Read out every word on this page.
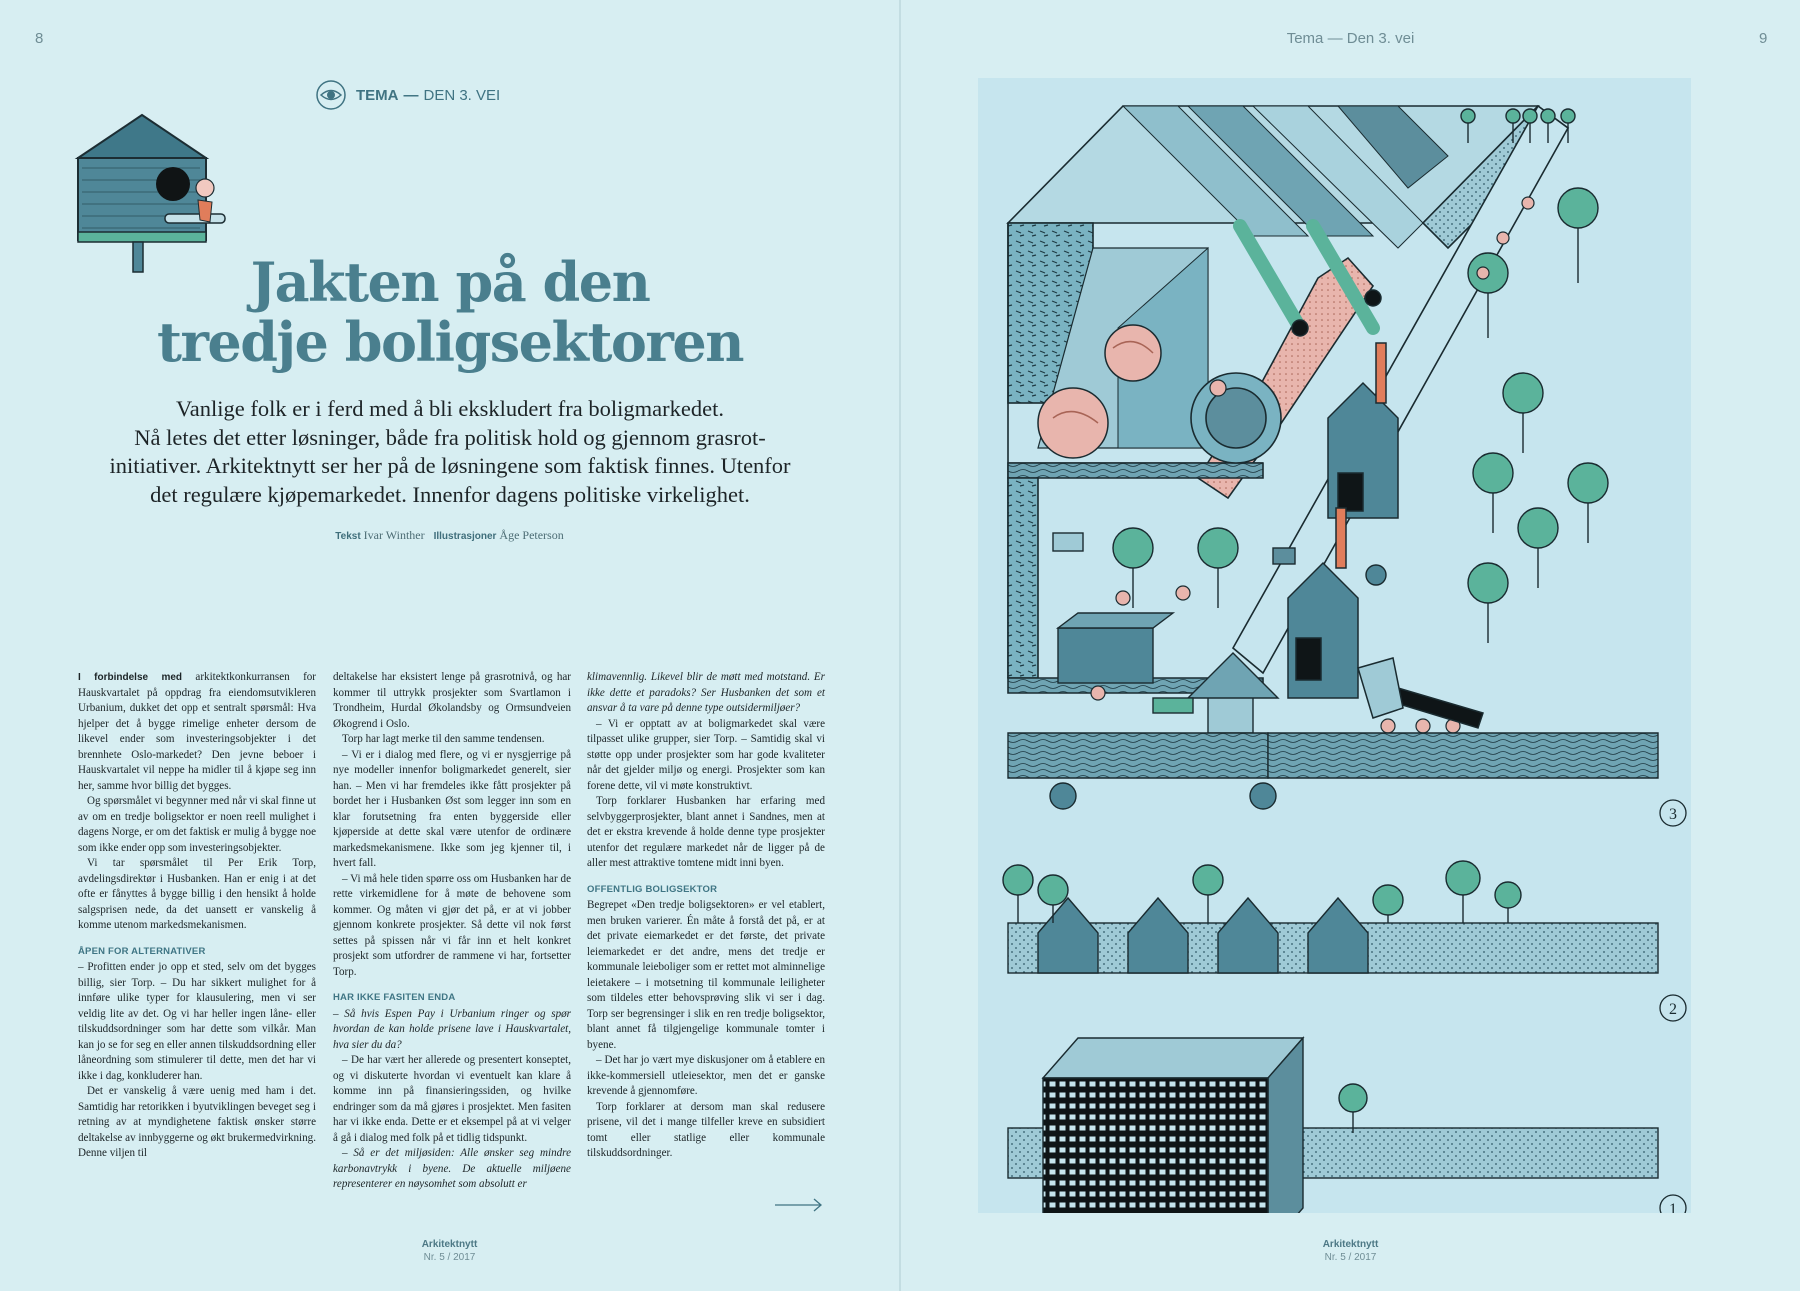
8
TEMA — DEN 3. VEI
Jakten på den
tredje boligsektoren
Vanlige folk er i ferd med å bli ekskludert fra boligmarkedet.
Nå letes det etter løsninger, både fra politisk hold og gjennom grasrot-
initiativer. Arkitektnytt ser her på de løsningene som faktisk finnes. Utenfor
det regulære kjøpemarkedet. Innenfor dagens politiske virkelighet.
Tekst Ivar Winther Illustrasjoner Åge Peterson

I forbindelse med arkitektkonkurransen for Hauskvartalet på oppdrag fra eiendomsutvikleren Urbanium, dukket det opp et sentralt spørsmål: Hva hjelper det å bygge rimelige enheter dersom de likevel ender som investeringsobjekter i det brennhete Oslo-markedet? Den jevne beboer i Hauskvartalet vil neppe ha midler til å kjøpe seg inn her, samme hvor billig det bygges.

Og spørsmålet vi begynner med når vi skal finne ut av om en tredje boligsektor er noen reell mulighet i dagens Norge, er om det faktisk er mulig å bygge noe som ikke ender opp som investeringsobjekter.

Vi tar spørsmålet til Per Erik Torp, avdelingsdirektør i Husbanken. Han er enig i at det ofte er fånyttes å bygge billig i den hensikt å holde salgsprisen nede, da det uansett er vanskelig å komme utenom markedsmekanismen.

ÅPEN FOR ALTERNATIVER

– Profitten ender jo opp et sted, selv om det bygges billig, sier Torp. – Du har sikkert mulighet for å innføre ulike typer for klausulering, men vi ser veldig lite av det. Og vi har heller ingen låne- eller tilskuddsordninger som har dette som vilkår. Man kan jo se for seg en eller annen tilskuddsordning eller låneordning som stimulerer til dette, men det har vi ikke i dag, konkluderer han.

Det er vanskelig å være uenig med ham i det. Samtidig har retorikken i byutviklingen beveget seg i retning av at myndighetene faktisk ønsker større deltakelse av innbyggerne og økt brukermedvirkning. Denne viljen til

deltakelse har eksistert lenge på grasrotnivå, og har kommer til uttrykk prosjekter som Svartlamon i Trondheim, Hurdal Økolandsby og Ormsundveien Økogrend i Oslo.

Torp har lagt merke til den samme tendensen.

– Vi er i dialog med flere, og vi er nysgjerrige på nye modeller innenfor boligmarkedet generelt, sier han. – Men vi har fremdeles ikke fått prosjekter på bordet her i Husbanken Øst som legger inn som en klar forutsetning fra enten byggerside eller kjøperside at dette skal være utenfor de ordinære markedsmekanismene. Ikke som jeg kjenner til, i hvert fall.

– Vi må hele tiden spørre oss om Husbanken har de rette virkemidlene for å møte de behovene som kommer. Og måten vi gjør det på, er at vi jobber gjennom konkrete prosjekter. Så dette vil nok først settes på spissen når vi får inn et helt konkret prosjekt som utfordrer de rammene vi har, fortsetter Torp.

HAR IKKE FASITEN ENDA

– Så hvis Espen Pay i Urbanium ringer og spør hvordan de kan holde prisene lave i Hauskvartalet, hva sier du da?

– De har vært her allerede og presentert konseptet, og vi diskuterte hvordan vi eventuelt kan klare å komme inn på finansieringssiden, og hvilke endringer som da må gjøres i prosjektet. Men fasiten har vi ikke enda. Dette er et eksempel på at vi velger å gå i dialog med folk på et tidlig tidspunkt.

– Så er det miljøsiden: Alle ønsker seg mindre karbonavtrykk i byene. De aktuelle miljøene representerer en nøysomhet som absolutt er

klimavennlig. Likevel blir de møtt med motstand. Er ikke dette et paradoks? Ser Husbanken det som et ansvar å ta vare på denne type outsidermiljøer?

– Vi er opptatt av at boligmarkedet skal være tilpasset ulike grupper, sier Torp. – Samtidig skal vi støtte opp under prosjekter som har gode kvaliteter når det gjelder miljø og energi. Prosjekter som kan forene dette, vil vi møte konstruktivt.

Torp forklarer Husbanken har erfaring med selvbyggerprosjekter, blant annet i Sandnes, men at det er ekstra krevende å holde denne type prosjekter utenfor det regulære markedet når de ligger på de aller mest attraktive tomtene midt inni byen.

OFFENTLIG BOLIGSEKTOR

Begrepet «Den tredje boligsektoren» er vel etablert, men bruken varierer. Én måte å forstå det på, er at det private eiemarkedet er det første, det private leiemarkedet er det andre, mens det tredje er kommunale leieboliger som er rettet mot alminnelige leietakere – i motsetning til kommunale leiligheter som tildeles etter behovsprøving slik vi ser i dag. Torp ser begrensinger i slik en ren tredje boligsektor, blant annet få tilgjengelige kommunale tomter i byene.

– Det har jo vært mye diskusjoner om å etablere en ikke-kommersiell utleiesektor, men det er ganske krevende å gjennomføre.

Torp forklarer at dersom man skal redusere prisene, vil det i mange tilfeller kreve en subsidiert tomt eller statlige eller kommunale tilskuddsordninger.

Arkitektnytt
Nr. 5 / 2017
Tema — Den 3. vei	9
Arkitektnytt
Nr. 5 / 2017
3
2
1
